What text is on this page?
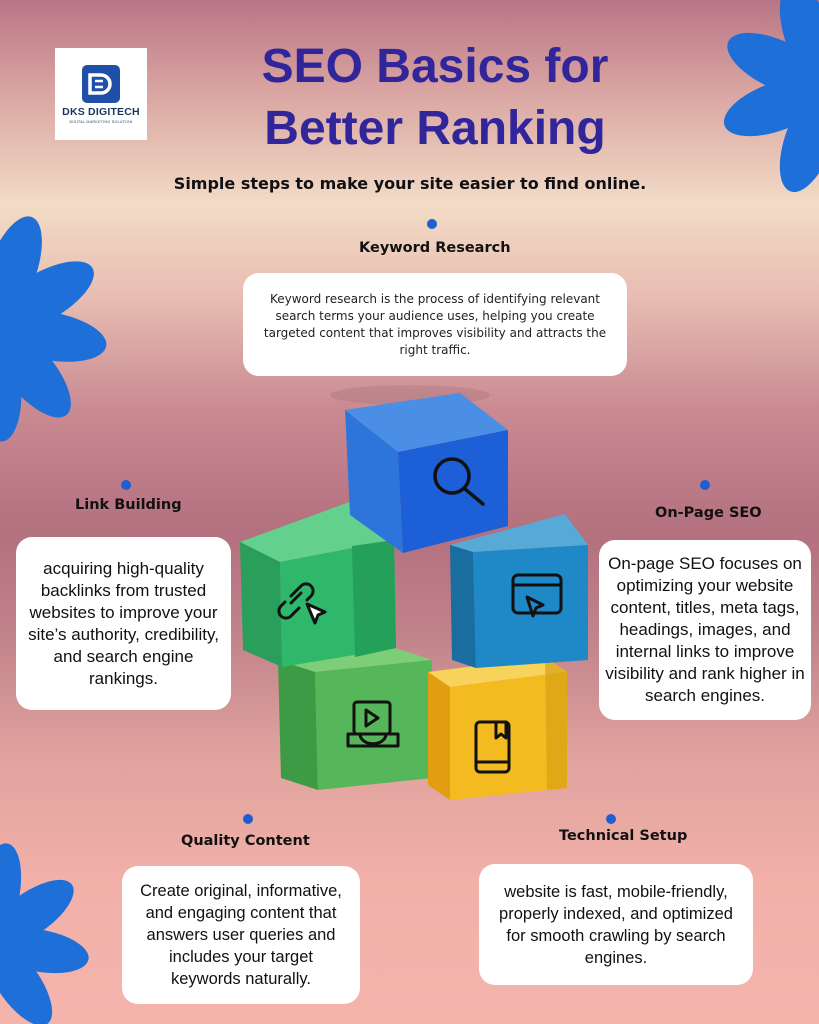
DKS DIGITECH
DIGITAL MARKETING SOLUTION
SEO Basics for
Better Ranking

Simple steps to make your site easier to find online.

Keyword Research

Keyword research is the process of identifying relevant search terms your audience uses, helping you create targeted content that improves visibility and attracts the right traffic.

Link Building

acquiring high-quality backlinks from trusted websites to improve your site’s authority, credibility, and search engine rankings.

On-Page SEO

On-page SEO focuses on optimizing your website content, titles, meta tags, headings, images, and internal links to improve visibility and rank higher in search engines.

Quality Content

Create original, informative, and engaging content that answers user queries and includes your target keywords naturally.

Technical Setup

website is fast, mobile-friendly, properly indexed, and optimized for smooth crawling by search engines.
